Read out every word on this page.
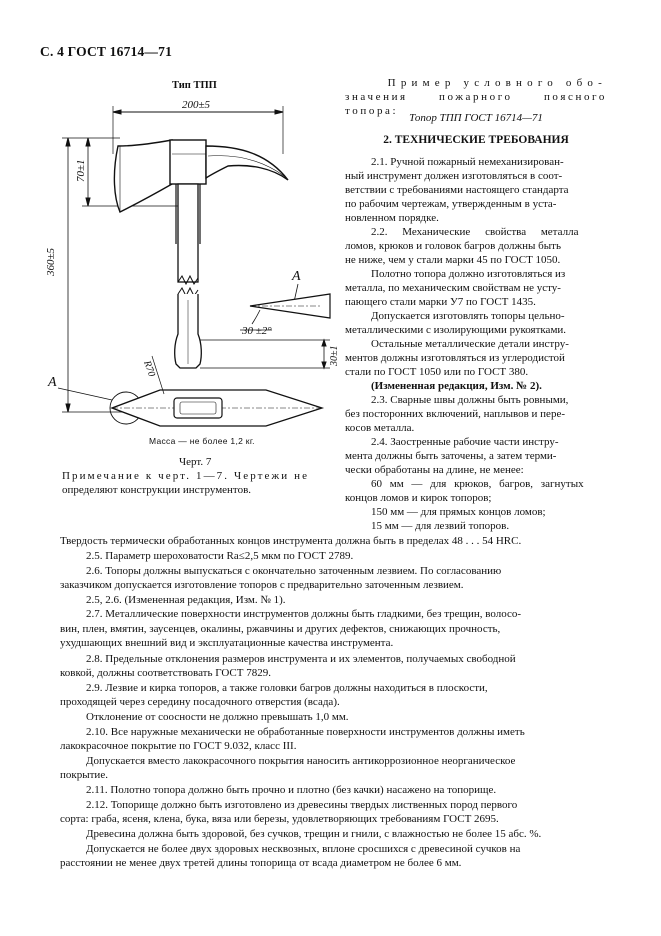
С. 4 ГОСТ 16714—71
Тип ТПП
200±5
360±5
70±1
30±1
А
30 ±2°
А
R70
Масса — не более 1,2 кг.
Черт. 7
Примечание к черт. 1—7. Чертежи не
определяют конструкции инструментов.
Пример условного обо-
значения пожарного поясного топора:
Топор ТПП ГОСТ 16714—71
2. ТЕХНИЧЕСКИЕ ТРЕБОВАНИЯ
2.1. Ручной пожарный немеханизирован-
ный инструмент должен изготовляться в соот-
ветствии с требованиями настоящего стандарта
по рабочим чертежам, утвержденным в уста-
новленном порядке.
2.2. Механические свойства металла
ломов, крюков и головок багров должны быть
не ниже, чем у стали марки 45 по ГОСТ 1050.
Полотно топора должно изготовляться из
металла, по механическим свойствам не усту-
пающего стали марки У7 по ГОСТ 1435.
Допускается изготовлять топоры цельно-
металлическими с изолирующими рукоятками.
Остальные металлические детали инстру-
ментов должны изготовляться из углеродистой
стали по ГОСТ 1050 или по ГОСТ 380.
(Измененная редакция, Изм. № 2).
2.3. Сварные швы должны быть ровными,
без посторонних включений, наплывов и пере-
косов металла.
2.4. Заостренные рабочие части инстру-
мента должны быть заточены, а затем терми-
чески обработаны на длине, не менее:
60 мм — для крюков, багров, загнутых
концов ломов и кирок топоров;
150 мм — для прямых концов ломов;
15 мм — для лезвий топоров.
Твердость термически обработанных концов инструмента должна быть в пределах 48 . . . 54 HRC.
2.5. Параметр шероховатости Ra≤2,5 мкм по ГОСТ 2789.
2.6. Топоры должны выпускаться с окончательно заточенным лезвием. По согласованию
заказчиком допускается изготовление топоров с предварительно заточенным лезвием.
2.5, 2.6. (Измененная редакция, Изм. № 1).
2.7. Металлические поверхности инструментов должны быть гладкими, без трещин, волосо-
вин, плен, вмятин, заусенцев, окалины, ржавчины и других дефектов, снижающих прочность,
ухудшающих внешний вид и эксплуатационные качества инструмента.
2.8. Предельные отклонения размеров инструмента и их элементов, получаемых свободной
ковкой, должны соответствовать ГОСТ 7829.
2.9. Лезвие и кирка топоров, а также головки багров должны находиться в плоскости,
проходящей через середину посадочного отверстия (всада).
Отклонение от соосности не должно превышать 1,0 мм.
2.10. Все наружные механически не обработанные поверхности инструментов должны иметь
лакокрасочное покрытие по ГОСТ 9.032, класс III.
Допускается вместо лакокрасочного покрытия наносить антикоррозионное неорганическое
покрытие.
2.11. Полотно топора должно быть прочно и плотно (без качки) насажено на топорище.
2.12. Топорище должно быть изготовлено из древесины твердых лиственных пород первого
сорта: граба, ясеня, клена, бука, вяза или березы, удовлетворяющих требованиям ГОСТ 2695.
Древесина должна быть здоровой, без сучков, трещин и гнили, с влажностью не более 15 абс. %.
Допускается не более двух здоровых несквозных, вплоне сросшихся с древесиной сучков на
расстоянии не менее двух третей длины топорища от всада диаметром не более 6 мм.
